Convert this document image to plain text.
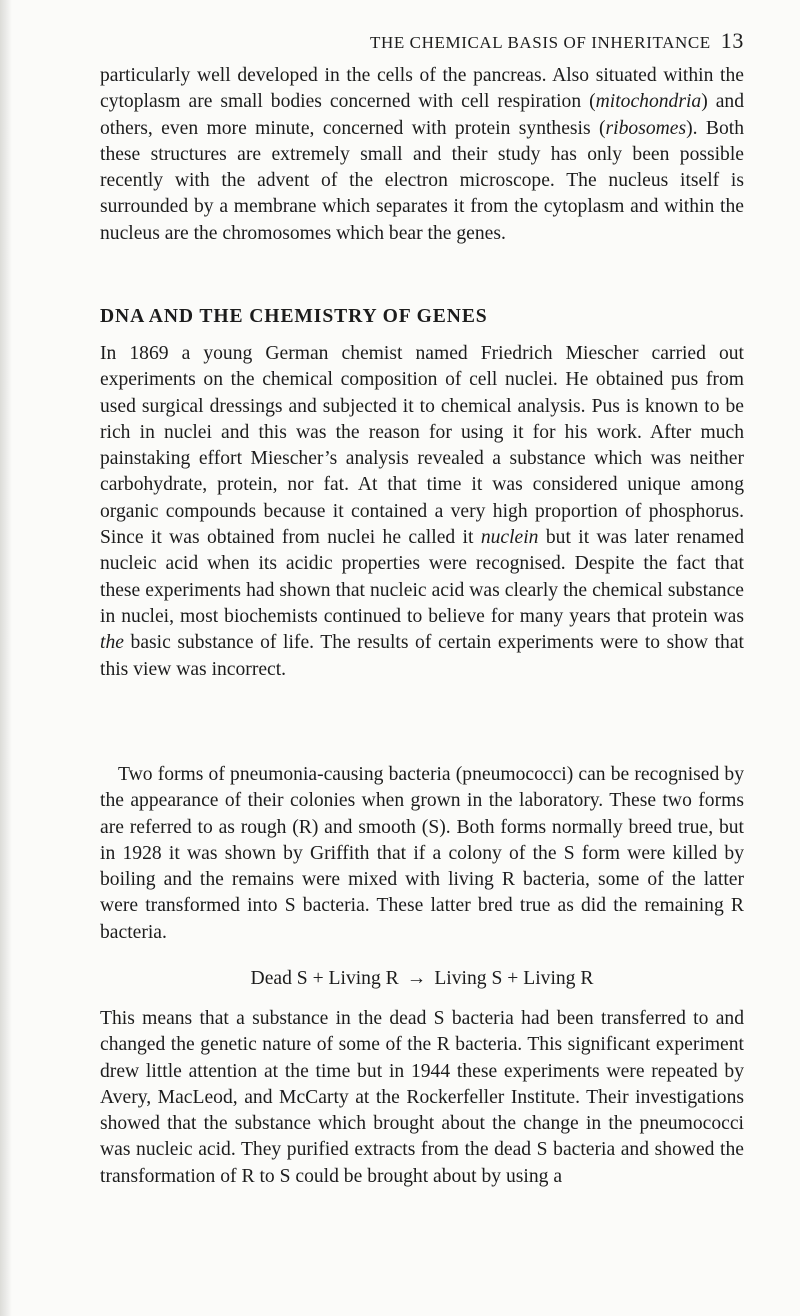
THE CHEMICAL BASIS OF INHERITANCE 13

particularly well developed in the cells of the pancreas. Also situated within the cytoplasm are small bodies concerned with cell respiration (mitochondria) and others, even more minute, concerned with protein synthesis (ribosomes). Both these structures are extremely small and their study has only been possible recently with the advent of the electron microscope. The nucleus itself is surrounded by a membrane which separates it from the cytoplasm and within the nucleus are the chromosomes which bear the genes.

DNA AND THE CHEMISTRY OF GENES

In 1869 a young German chemist named Friedrich Miescher carried out experiments on the chemical composition of cell nuclei. He obtained pus from used surgical dressings and subjected it to chemical analysis. Pus is known to be rich in nuclei and this was the reason for using it for his work. After much painstaking effort Miescher’s analysis revealed a substance which was neither carbohydrate, protein, nor fat. At that time it was considered unique among organic compounds because it contained a very high proportion of phosphorus. Since it was obtained from nuclei he called it nuclein but it was later renamed nucleic acid when its acidic properties were recognised. Despite the fact that these experiments had shown that nucleic acid was clearly the chemical substance in nuclei, most biochemists continued to believe for many years that protein was the basic substance of life. The results of certain experiments were to show that this view was incorrect.

Two forms of pneumonia-causing bacteria (pneumococci) can be recognised by the appearance of their colonies when grown in the laboratory. These two forms are referred to as rough (R) and smooth (S). Both forms normally breed true, but in 1928 it was shown by Griffith that if a colony of the S form were killed by boiling and the remains were mixed with living R bacteria, some of the latter were transformed into S bacteria. These latter bred true as did the remaining R bacteria.

Dead S + Living R → Living S + Living R

This means that a substance in the dead S bacteria had been transferred to and changed the genetic nature of some of the R bacteria. This significant experiment drew little attention at the time but in 1944 these experiments were repeated by Avery, MacLeod, and McCarty at the Rockerfeller Institute. Their investigations showed that the substance which brought about the change in the pneumococci was nucleic acid. They purified extracts from the dead S bacteria and showed the transformation of R to S could be brought about by using a
